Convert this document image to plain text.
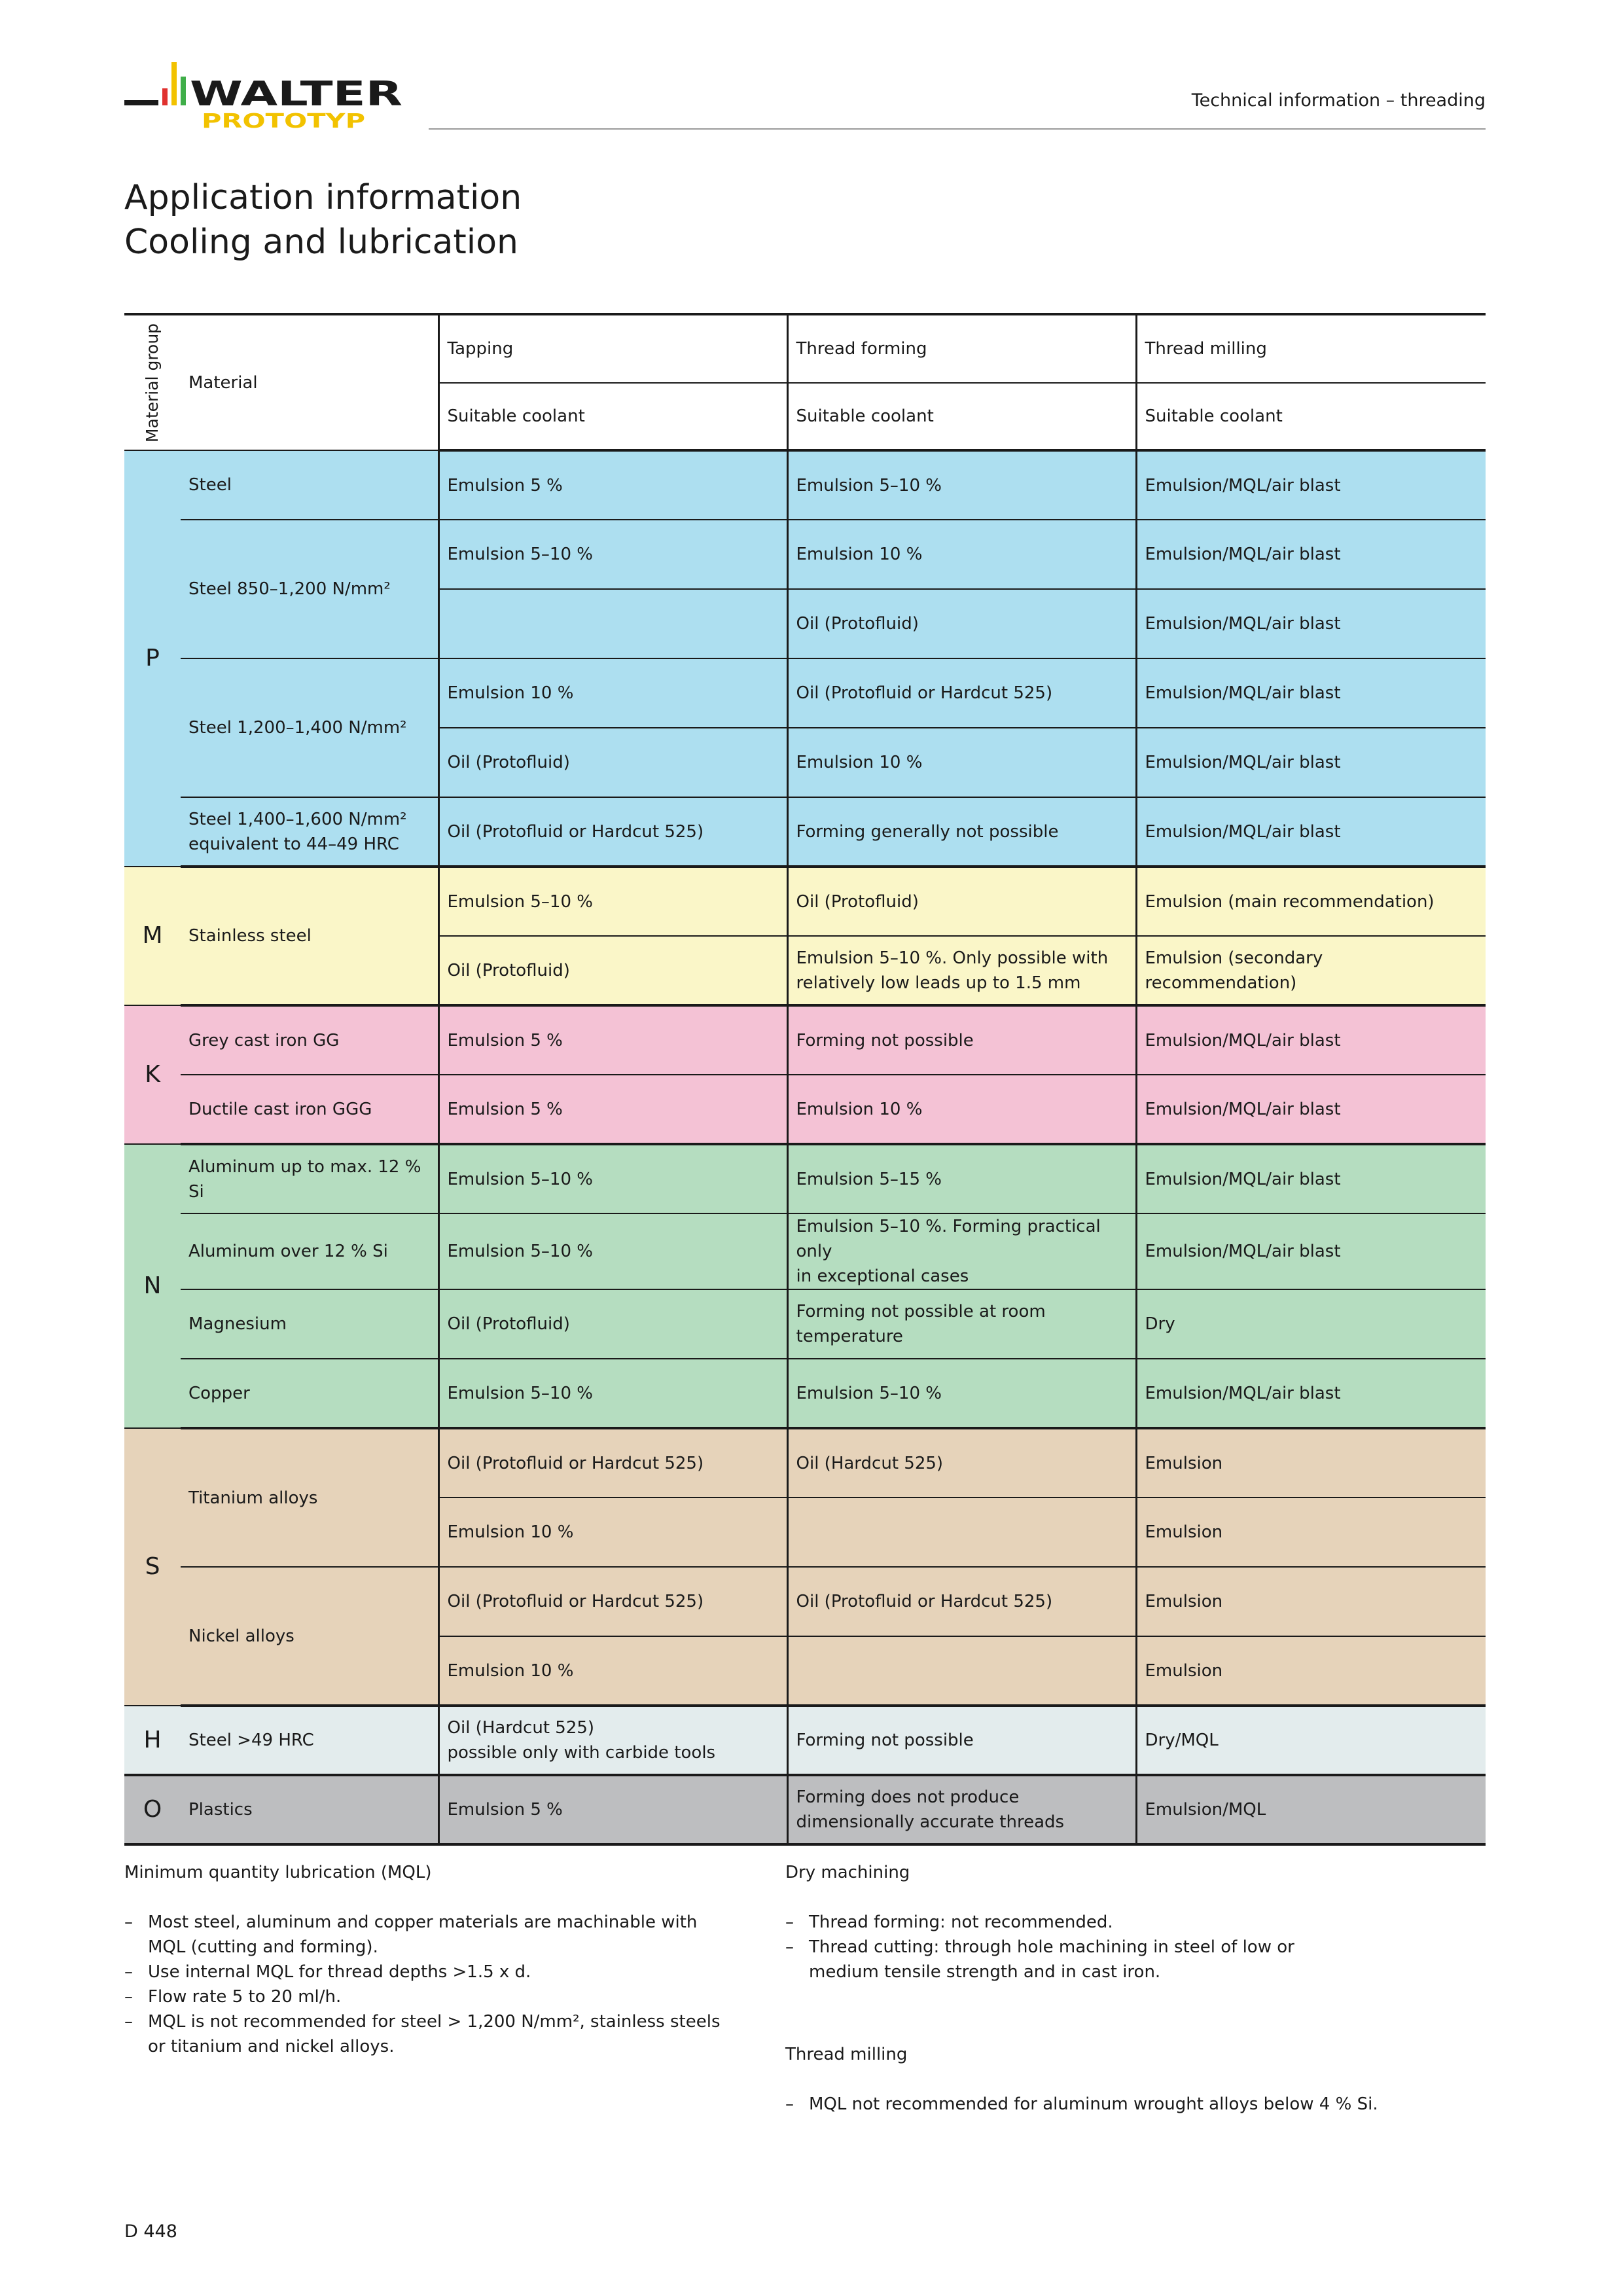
WALTER
PROTOTYP
Technical information – threading
Application information
Cooling and lubrication
Material group	Material	Tapping	Thread forming	Thread milling
		Suitable coolant	Suitable coolant	Suitable coolant
P	Steel	Emulsion 5 %	Emulsion 5–10 %	Emulsion/MQL/air blast
	Steel 850–1,200 N/mm²	Emulsion 5–10 %	Emulsion 10 %	Emulsion/MQL/air blast
			Oil (Protofluid)	Emulsion/MQL/air blast
	Steel 1,200–1,400 N/mm²	Emulsion 10 %	Oil (Protofluid or Hardcut 525)	Emulsion/MQL/air blast
		Oil (Protofluid)	Emulsion 10 %	Emulsion/MQL/air blast

	Steel 1,400–1,600 N/mm²
equivalent to 44–49 HRC	Oil (Protofluid or Hardcut 525)	Forming generally not possible	Emulsion/MQL/air blast
M	Stainless steel	Emulsion 5–10 %	Oil (Protofluid)	Emulsion (main recommendation)
		Oil (Protofluid)	Emulsion 5–10 %. Only possible with
relatively low leads up to 1.5 mm	Emulsion (secondary recommendation)
K	Grey cast iron GG	Emulsion 5 %	Forming not possible	Emulsion/MQL/air blast
	Ductile cast iron GGG	Emulsion 5 %	Emulsion 10 %	Emulsion/MQL/air blast
N	Aluminum up to max. 12 % Si	Emulsion 5–10 %	Emulsion 5–15 %	Emulsion/MQL/air blast
	Aluminum over 12 % Si	Emulsion 5–10 %	Emulsion 5–10 %. Forming practical only
in exceptional cases	Emulsion/MQL/air blast
	Magnesium	Oil (Protofluid)	Forming not possible at room
temperature	Dry
	Copper	Emulsion 5–10 %	Emulsion 5–10 %	Emulsion/MQL/air blast
S	Titanium alloys	Oil (Protofluid or Hardcut 525)	Oil (Hardcut 525)	Emulsion
		Emulsion 10 %		Emulsion
	Nickel alloys	Oil (Protofluid or Hardcut 525)	Oil (Protofluid or Hardcut 525)	Emulsion
		Emulsion 10 %		Emulsion
H	Steel >49 HRC	Oil (Hardcut 525)
possible only with carbide tools	Forming not possible	Dry/MQL
O	Plastics	Emulsion 5 %	Forming does not produce
dimensionally accurate threads	Emulsion/MQL
Minimum quantity lubrication (MQL)
– Most steel, aluminum and copper materials are machinable with MQL (cutting and forming).
– Use internal MQL for thread depths >1.5 x d.
– Flow rate 5 to 20 ml/h.
– MQL is not recommended for steel > 1,200 N/mm², stainless steels or titanium and nickel alloys.
Dry machining
– Thread forming: not recommended.
– Thread cutting: through hole machining in steel of low or medium tensile strength and in cast iron.
Thread milling
– MQL not recommended for aluminum wrought alloys below 4 % Si.
D 448
